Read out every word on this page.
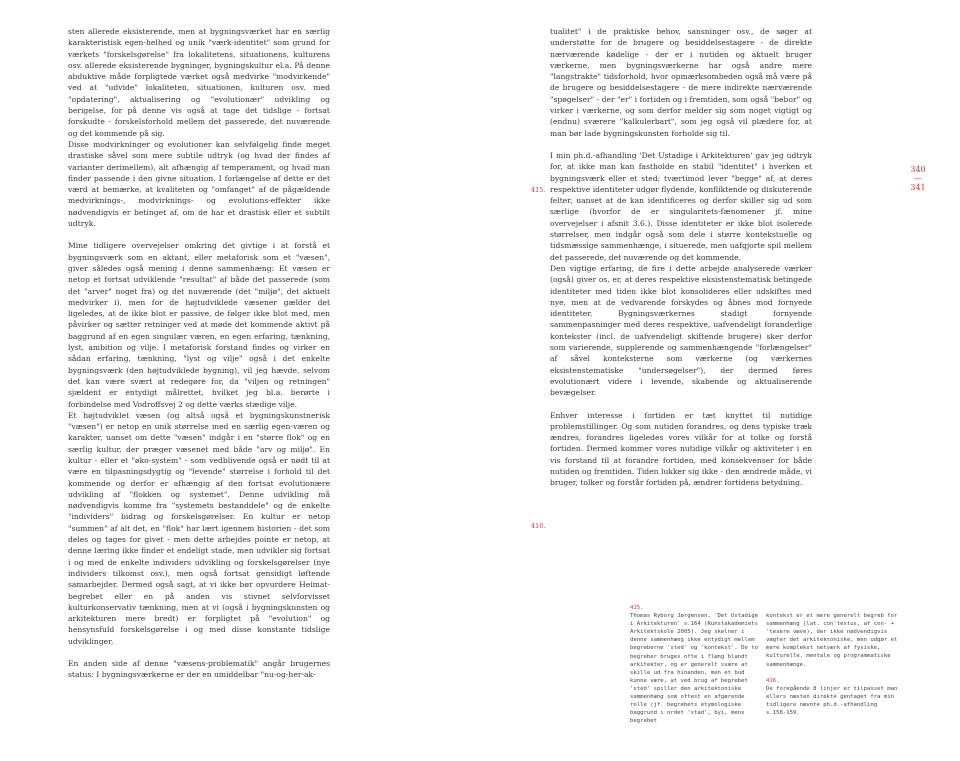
sten allerede eksisterende, men at bygningsværket har en særlig karakteristisk egen-helhed og unik "værk-identitet" som grund for værkets "forskelsgørelse" fra lokalitetens, situationens, kulturens osv. allerede eksisterende bygninger, bygningskultur el.a. På denne abduktive måde forpligtede værket også medvirke "modvirkende" ved at "udvide" lokaliteten, situationen, kulturen osv. med "opdatering", aktualisering og "evolutionær" udvikling og berigelse, for på denne vis også at tage det tidslige - fortsat forskudte - forskelsforhold mellem det passerede, det nuværende og det kommende på sig.

Disse modvirkninger og evolutioner kan selvfølgelig finde meget drastiske såvel som mere subtile udtryk (og hvad der findes af varianter derimellem), alt afhængig af temperament, og hvad man finder passende i den givne situation. I forlængelse af dette er det værd at bemærke, at kvaliteten og "omfanget" af de pågældende medvirknings-, modvirknings- og evolutions-effekter ikke nødvendigvis er betinget af, om de har et drastisk eller et subtilt udtryk.

Mine tidligere overvejelser omkring det givtige i at forstå et bygningsværk som en aktant, eller metaforisk som et "væsen", giver således også mening i denne sammenhæng: Et væsen er netop et fortsat udviklende "resultat" af både det passerede (som det "arver" noget fra) og det nuværende (det "miljø", det aktuelt medvirker i), men for de højtudviklede væsener gælder det ligeledes, at de ikke blot er passive, de følger ikke blot med, men påvirker og sætter retninger ved at møde det kommende aktivt på baggrund af en egen singulær væren, en egen erfaring, tænkning, lyst, ambition og vilje. I metaforisk forstand findes og virker en sådan erfaring, tænkning, "lyst og vilje" også i det enkelte bygningsværk (den højtudviklede bygning), vil jeg hævde, selvom det kan være svært at redegøre for, da "viljen og retningen" sjældent er entydigt målrettet, hvilket jeg bl.a. berørte i forbindelse med Vodroffsvej 2 og dette værks stædige vilje.

Et højtudviklet væsen (og altså også et bygningskunstnerisk "væsen") er netop en unik størrelse med en særlig egen-væren og karakter, uanset om dette "væsen" indgår i en "større flok" og en særlig kultur, der præger væsenet med både "arv og miljø". En kultur - eller et "øko-system" - som vedblivende også er nødt til at være en tilpasningsdygtig og "levende" størrelse i forhold til det kommende og derfor er afhængig af den fortsat evolutionære udvikling af "flokken og systemet". Denne udvikling må nødvendigvis komme fra "systemets bestanddele" og de enkelte "individers" bidrag og forskelsgørelser. En kultur er netop "summen" af alt det, en "flok" har lært igennem historien - det som deles og tages for givet - men dette arbejdes pointe er netop, at denne læring ikke finder et endeligt stade, men udvikler sig fortsat i og med de enkelte individers udvikling og forskelsgørelser (nye individers tilkomst osv.), men også fortsat gensidigt løftende samarbejder. Dermed også sagt, at vi ikke bør opvurdere Heimat-begrebet eller en på anden vis stivnet selvforvisset kulturkonservativ tænkning, men at vi (også i bygningskunsten og arkitekturen mere bredt) er forpligtet på "evolution" og hensynsfuld forskelsgørelse i og med disse konstante tidslige udviklinger.

En anden side af denne "væsens-problematik" angår brugernes status: I bygningsværkerne er der en umiddelbar "nu-og-her-ak-

340
—
341
415.
416.

tualitet" i de praktiske behov, sansninger osv., de søger at understøtte for de brugere og besiddelsestagere - de direkte nærværende kødelige - der er i nutiden og aktuelt bruger værkerne, men bygningsværkerne har også andre mere "langstrakte" tidsforhold, hvor opmærksomheden også må være på de brugere og besiddelsestagere - de mere indirekte nærværende "spøgelser" - der "er" i fortiden og i fremtiden, som også "bebor" og virker i værkerne, og som derfor melder sig som noget vigtigt og (endnu) sværere "kalkulerbart", som jeg også vil plædere for, at man bør lade bygningskunsten forholde sig til.

I min ph.d.-afhandling 'Det Ustadige i Arkitekturen' gav jeg udtryk for, at ikke man kan fastholde en stabil "identitet" i hverken et bygningsværk eller et sted; tværtimod lever "begge" af, at deres respektive identiteter udgør flydende, konfliktende og diskuterende felter, uanset at de kan identificeres og derfor skiller sig ud som særlige (hvorfor de er singularitets-fænomener jf. mine overvejelser i afsnit 3.6.). Disse identiteter er ikke blot isolerede størrelser, men indgår også som dele i større kontekstuelle og tidsmæssige sammenhænge, i situerede, men uafgjorte spil mellem det passerede, det nuværende og det kommende.

Den vigtige erfaring, de fire i dette arbejde analyserede værker (også) giver os, er, at deres respektive eksistenstematisk betingede identiteter med tiden ikke blot konsolideres eller udskiftes med nye, men at de vedvarende forskydes og åbnes mod fornyede identiteter. Bygningsværkernes stadigt fornyende sammenpasninger med deres respektive, uafvendeligt foranderlige kontekster (incl. de uafvendeligt skiftende brugere) sker derfor som varierende, supplerende og sammenhængende "forlængelser" af såvel konteksterne som værkerne (og værkernes eksistenstematiske "undersøgelser"), der dermed føres evolutionært videre i levende, skabende og aktualiserende bevægelser.

Enhver interesse i fortiden er tæt knyttet til nutidige problemstillinger. Og som nutiden forandres, og dens typiske træk ændres, forandres ligeledes vores vilkår for at tolke og forstå fortiden. Dermed kommer vores nutidige vilkår og aktiviteter i en vis forstand til at forandre fortiden, med konsekvenser for både nutiden og fremtiden. Tiden lukker sig ikke - den ændrede måde, vi bruger, tolker og forstår fortiden på, ændrer fortidens betydning.

415.

Thomas Ryborg Jørgensen, 'Det Ustadige i Arkitekturen' s.164 (Kunstakademiets Arkitektskole 2005). Jeg skelner i denne sammenhæng ikke entydigt mellem begreberne 'sted' og 'kontekst'. De to begreber bruges ofte i flæng blandt arkitekter, og er generelt svære at skille ud fra hinanden, men et bud kunne være, at ved brug af begrebet 'sted' spiller den arkitektoniske sammenhæng som oftest en afgørende rolle (jf. begrebets etymologiske baggrund i ordet 'stad', byi, mens begrebet

kontekst er et mere generelt begreb for sammenhæng (lat. con'textus, af con- + 'texere væve), der ikke nødvendigvis vægter det arkitektoniske, men udgør et mere komplekst netværk af fysiske, kulturelle, mentale og programmatiske sammenhænge.

416.

De foregående 8 linjer er tilpasset man ellers næsten direkte gentaget fra min tidligere nævnte ph.d.-afhandling s.158-159.
